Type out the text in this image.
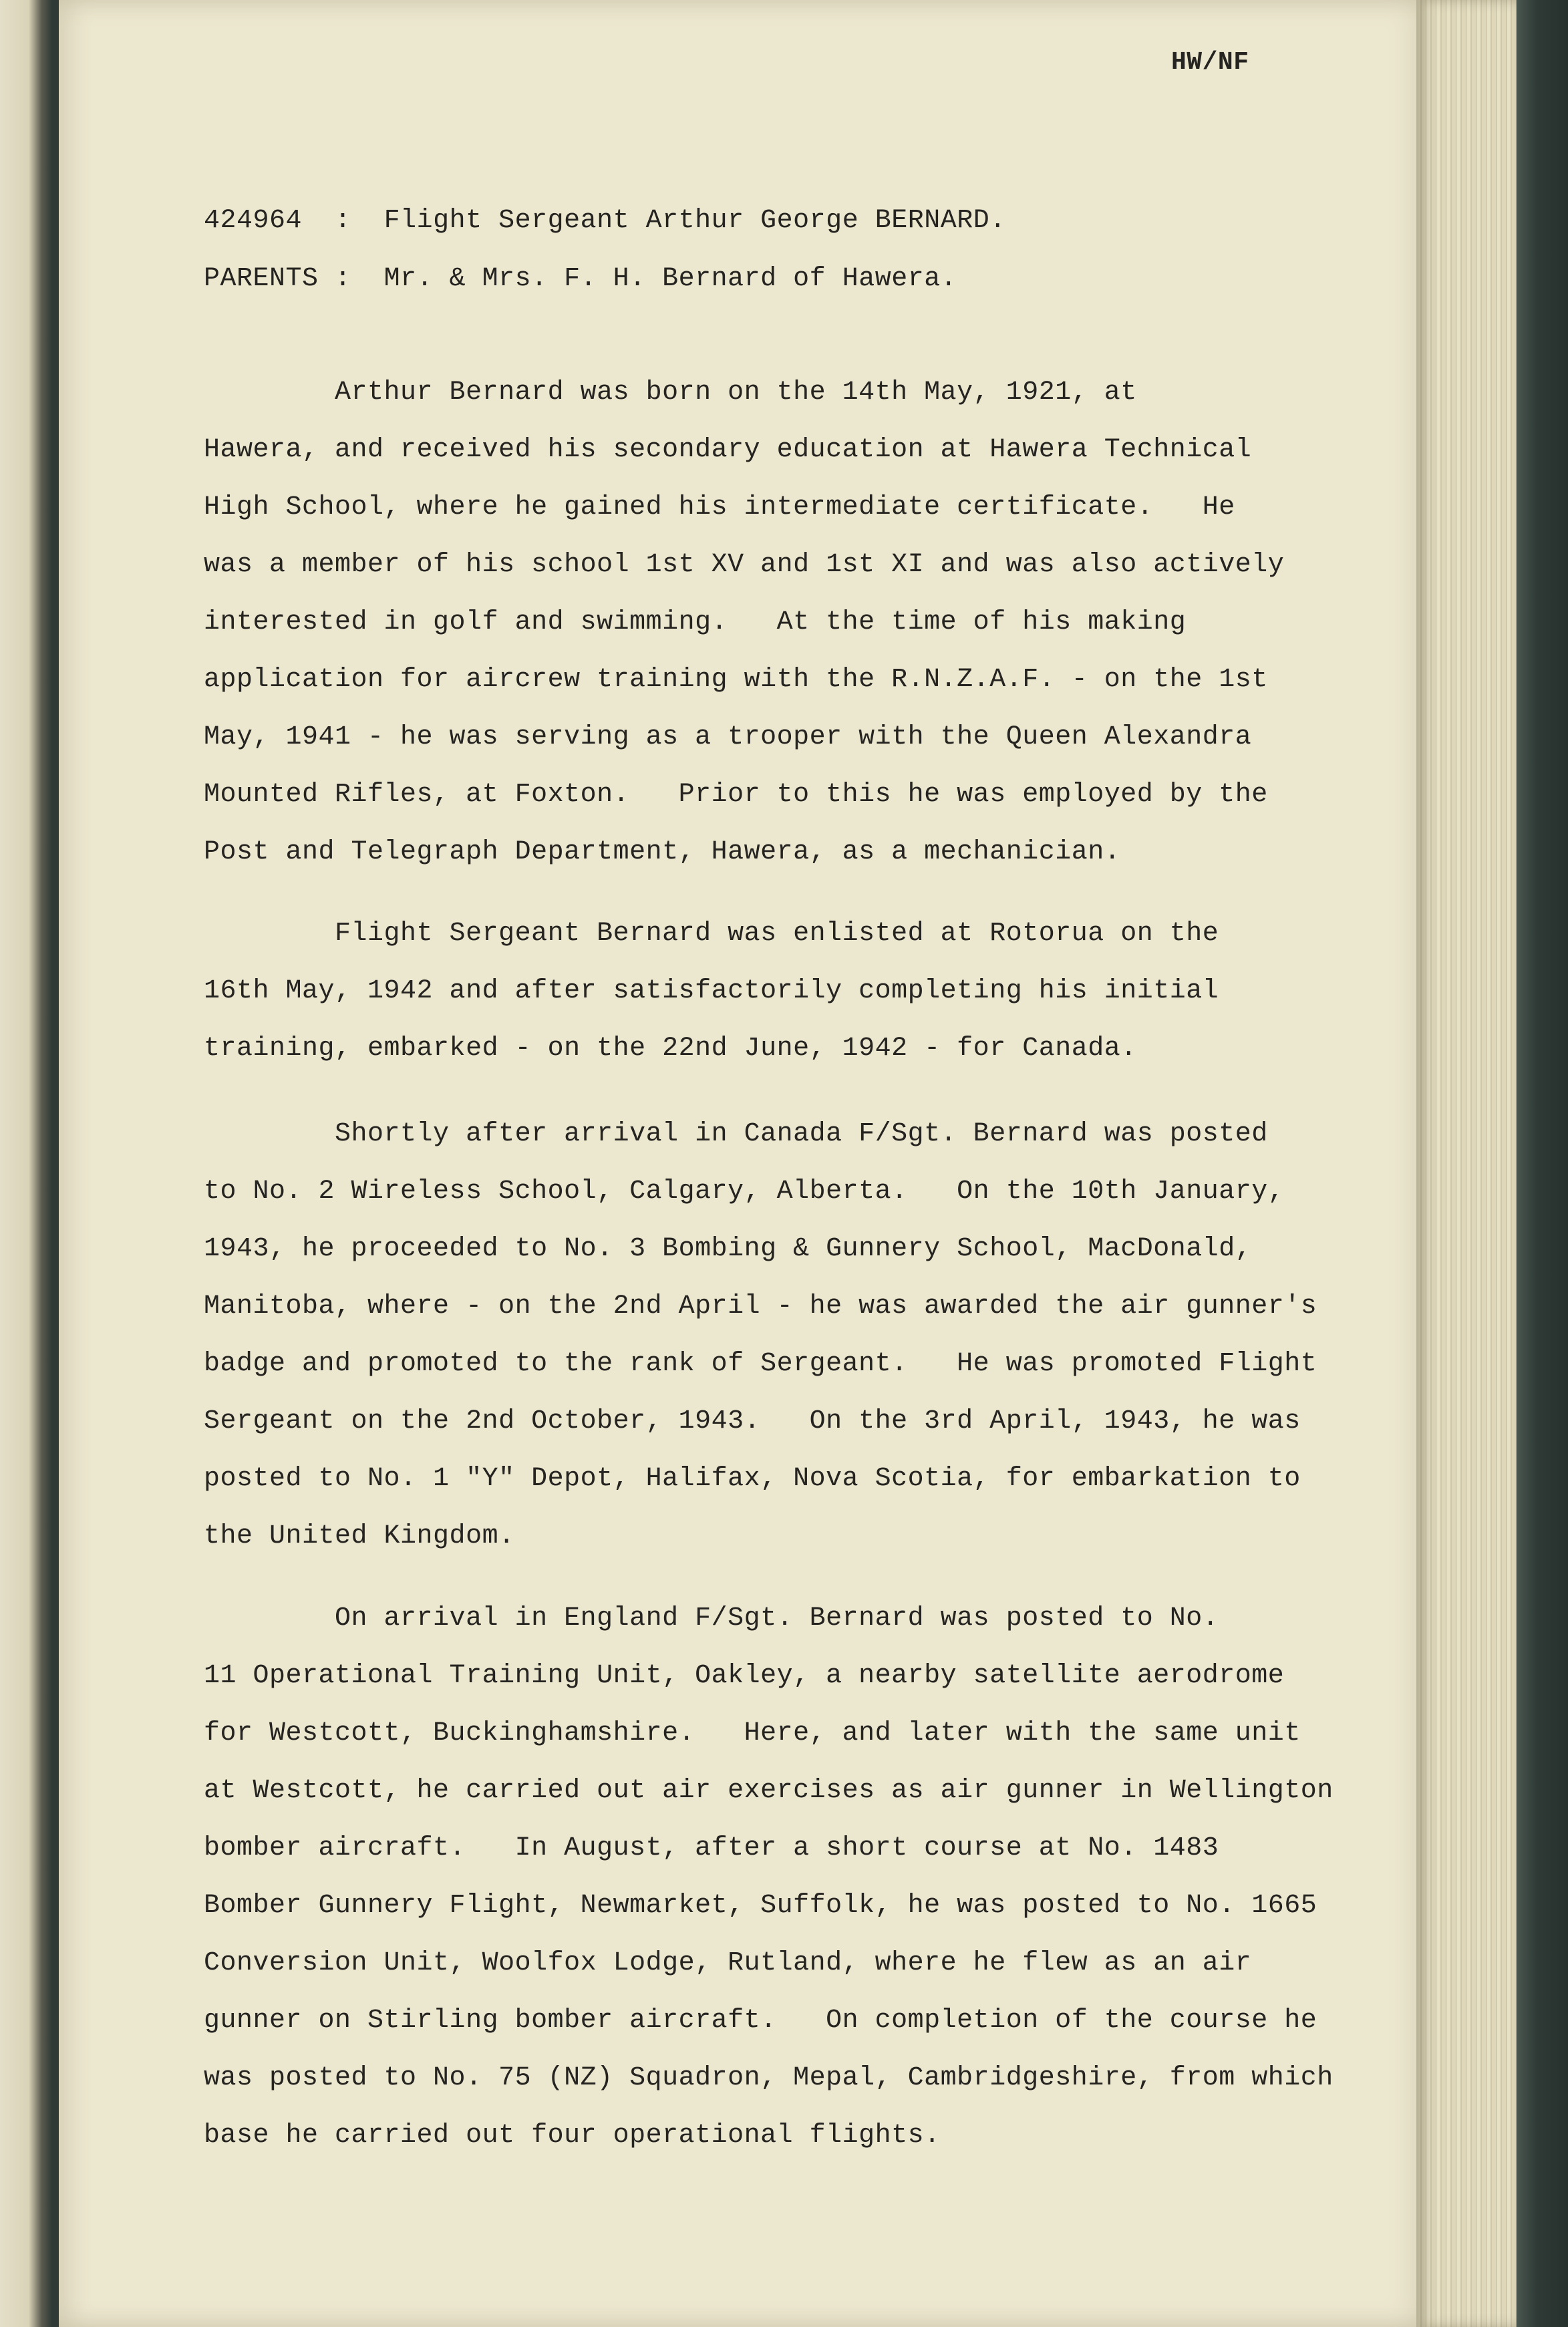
HW/NF
424964 : Flight Sergeant Arthur George BERNARD.
PARENTS : Mr. & Mrs. F. H. Bernard of Hawera.
Arthur Bernard was born on the 14th May, 1921, at
Hawera, and received his secondary education at Hawera Technical
High School, where he gained his intermediate certificate.   He
was a member of his school 1st XV and 1st XI and was also actively
interested in golf and swimming.   At the time of his making
application for aircrew training with the R.N.Z.A.F. - on the 1st
May, 1941 - he was serving as a trooper with the Queen Alexandra
Mounted Rifles, at Foxton.   Prior to this he was employed by the
Post and Telegraph Department, Hawera, as a mechanician.
Flight Sergeant Bernard was enlisted at Rotorua on the
16th May, 1942 and after satisfactorily completing his initial
training, embarked - on the 22nd June, 1942 - for Canada.
Shortly after arrival in Canada F/Sgt. Bernard was posted
to No. 2 Wireless School, Calgary, Alberta.   On the 10th January,
1943, he proceeded to No. 3 Bombing & Gunnery School, MacDonald,
Manitoba, where - on the 2nd April - he was awarded the air gunner's
badge and promoted to the rank of Sergeant.   He was promoted Flight
Sergeant on the 2nd October, 1943.   On the 3rd April, 1943, he was
posted to No. 1 "Y" Depot, Halifax, Nova Scotia, for embarkation to
the United Kingdom.
On arrival in England F/Sgt. Bernard was posted to No.
11 Operational Training Unit, Oakley, a nearby satellite aerodrome
for Westcott, Buckinghamshire.   Here, and later with the same unit
at Westcott, he carried out air exercises as air gunner in Wellington
bomber aircraft.   In August, after a short course at No. 1483
Bomber Gunnery Flight, Newmarket, Suffolk, he was posted to No. 1665
Conversion Unit, Woolfox Lodge, Rutland, where he flew as an air
gunner on Stirling bomber aircraft.   On completion of the course he
was posted to No. 75 (NZ) Squadron, Mepal, Cambridgeshire, from which
base he carried out four operational flights.
